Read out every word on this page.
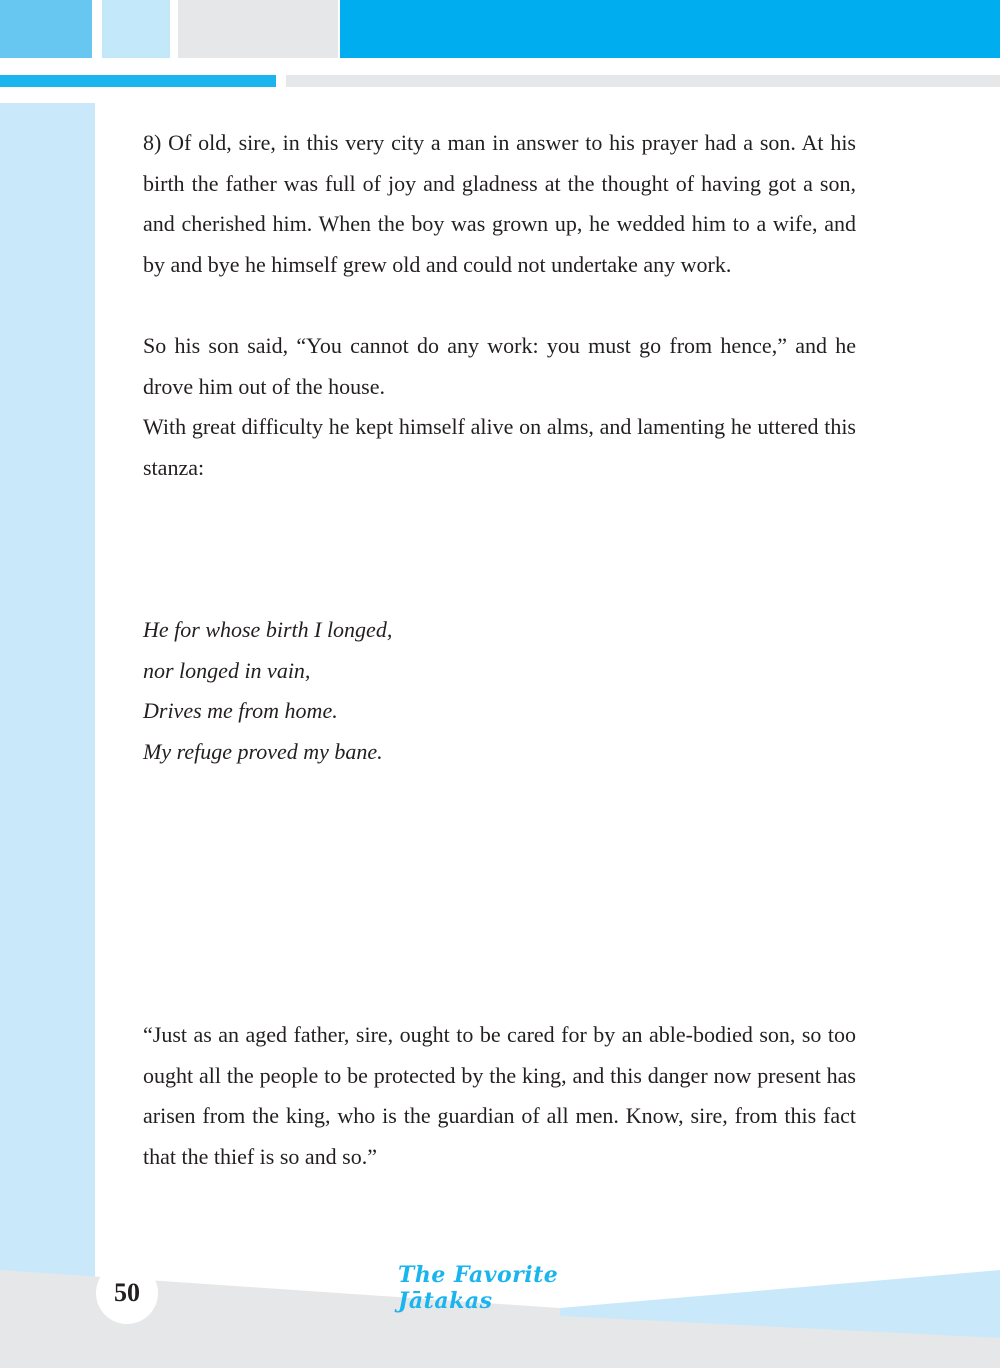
8) Of old, sire, in this very city a man in answer to his prayer had a son. At his birth the father was full of joy and gladness at the thought of having got a son, and cherished him. When the boy was grown up, he wedded him to a wife, and by and bye he himself grew old and could not undertake any work.

So his son said, “You cannot do any work: you must go from hence,” and he drove him out of the house.

With great difficulty he kept himself alive on alms, and lamenting he uttered this stanza:

He for whose birth I longed,
nor longed in vain,
Drives me from home.
My refuge proved my bane.

“Just as an aged father, sire, ought to be cared for by an able-bodied son, so too ought all the people to be protected by the king, and this danger now present has arisen from the king, who is the guardian of all men. Know, sire, from this fact that the thief is so and so.”

50
The Favorite Jātakas
